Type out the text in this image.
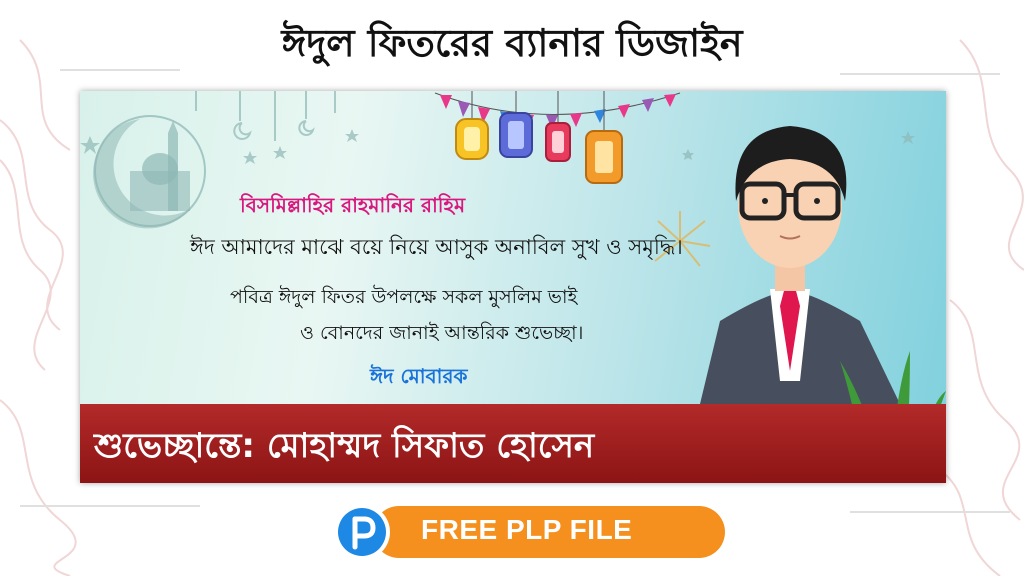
ঈদুল ফিতরের ব্যানার ডিজাইন
বিসমিল্লাহির রাহমানির রাহিম
ঈদ আমাদের মাঝে বয়ে নিয়ে আসুক অনাবিল সুখ ও সমৃদ্ধি।
পবিত্র ঈদুল ফিতর উপলক্ষে সকল মুসলিম ভাই
ও বোনদের জানাই আন্তরিক শুভেচ্ছা।
ঈদ মোবারক
শুভেচ্ছান্তে: মোহাম্মদ সিফাত হোসেন
FREE PLP FILE
